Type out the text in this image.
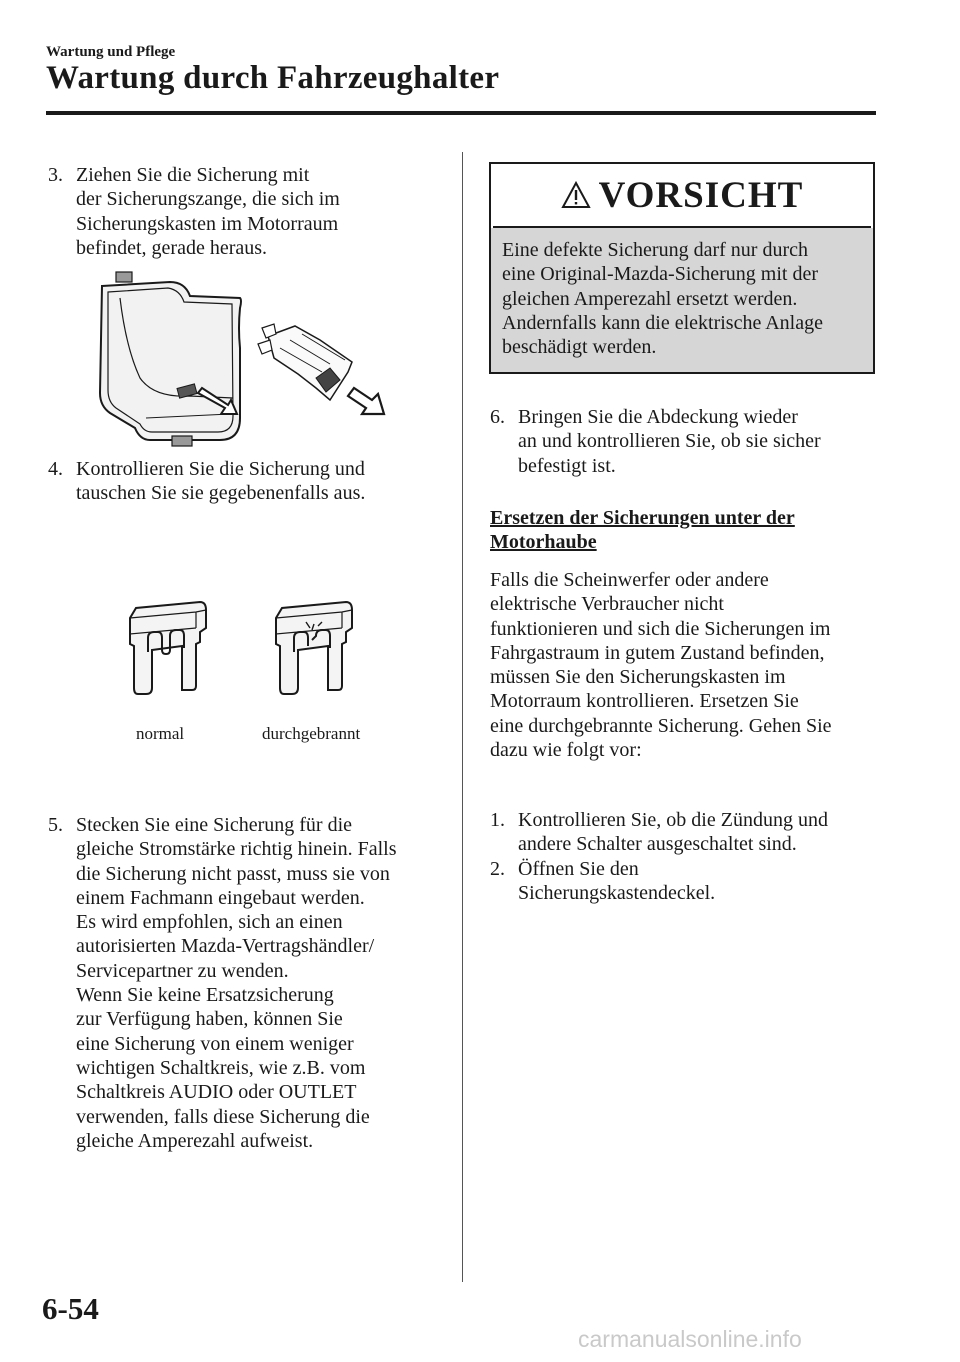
Wartung und Pflege
Wartung durch Fahrzeughalter
3. Ziehen Sie die Sicherung mit
der Sicherungszange, die sich im
Sicherungskasten im Motorraum
befindet, gerade heraus.
4. Kontrollieren Sie die Sicherung und
tauschen Sie sie gegebenenfalls aus.
normal	durchgebrannt
5. Stecken Sie eine Sicherung für die
gleiche Stromstärke richtig hinein. Falls
die Sicherung nicht passt, muss sie von
einem Fachmann eingebaut werden.
Es wird empfohlen, sich an einen
autorisierten Mazda-Vertragshändler/
Servicepartner zu wenden.
Wenn Sie keine Ersatzsicherung
zur Verfügung haben, können Sie
eine Sicherung von einem weniger
wichtigen Schaltkreis, wie z.B. vom
Schaltkreis AUDIO oder OUTLET
verwenden, falls diese Sicherung die
gleiche Amperezahl aufweist.
VORSICHT
Eine defekte Sicherung darf nur durch
eine Original-Mazda-Sicherung mit der
gleichen Amperezahl ersetzt werden.
Andernfalls kann die elektrische Anlage
beschädigt werden.
6. Bringen Sie die Abdeckung wieder
an und kontrollieren Sie, ob sie sicher
befestigt ist.
Ersetzen der Sicherungen unter der
Motorhaube
Falls die Scheinwerfer oder andere
elektrische Verbraucher nicht
funktionieren und sich die Sicherungen im
Fahrgastraum in gutem Zustand befinden,
müssen Sie den Sicherungskasten im
Motorraum kontrollieren. Ersetzen Sie
eine durchgebrannte Sicherung. Gehen Sie
dazu wie folgt vor:
1. Kontrollieren Sie, ob die Zündung und
andere Schalter ausgeschaltet sind.
2. Öffnen Sie den
Sicherungskastendeckel.
6-54
carmanualsonline.info
